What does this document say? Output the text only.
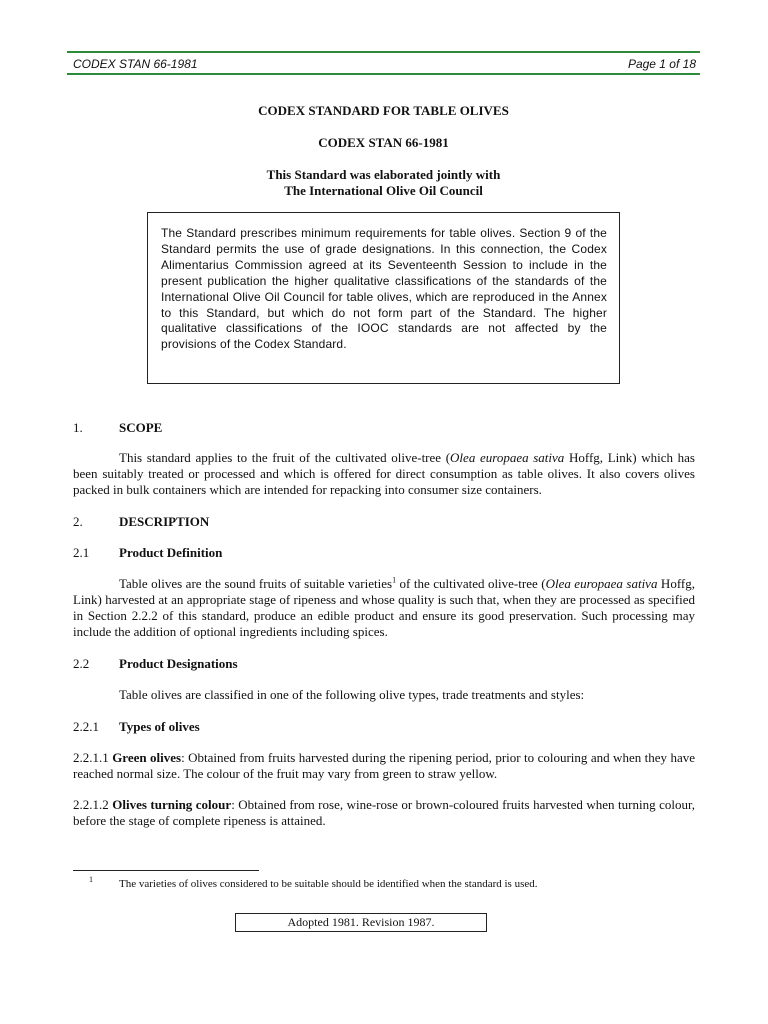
CODEX STAN 66-1981	Page 1 of 18
CODEX STANDARD FOR TABLE OLIVES
CODEX STAN 66-1981
This Standard was elaborated jointly with
The International Olive Oil Council
The Standard prescribes minimum requirements for table olives. Section 9 of the Standard permits the use of grade designations. In this connection, the Codex Alimentarius Commission agreed at its Seventeenth Session to include in the present publication the higher qualitative classifications of the standards of the International Olive Oil Council for table olives, which are reproduced in the Annex to this Standard, but which do not form part of the Standard. The higher qualitative classifications of the IOOC standards are not affected by the provisions of the Codex Standard.
1.	SCOPE
This standard applies to the fruit of the cultivated olive-tree (Olea europaea sativa Hoffg, Link) which has been suitably treated or processed and which is offered for direct consumption as table olives. It also covers olives packed in bulk containers which are intended for repacking into consumer size containers.
2.	DESCRIPTION
2.1 Product Definition
Table olives are the sound fruits of suitable varieties$^1$ of the cultivated olive-tree (Olea europaea sativa Hoffg, Link) harvested at an appropriate stage of ripeness and whose quality is such that, when they are processed as specified in Section 2.2.2 of this standard, produce an edible product and ensure its good preservation. Such processing may include the addition of optional ingredients including spices.
2.2 Product Designations
Table olives are classified in one of the following olive types, trade treatments and styles:
2.2.1 Types of olives
2.2.1.1 Green olives: Obtained from fruits harvested during the ripening period, prior to colouring and when they have reached normal size. The colour of the fruit may vary from green to straw yellow.
2.2.1.2 Olives turning colour: Obtained from rose, wine-rose or brown-coloured fruits harvested when turning colour, before the stage of complete ripeness is attained.
1 The varieties of olives considered to be suitable should be identified when the standard is used.
Adopted 1981. Revision 1987.
